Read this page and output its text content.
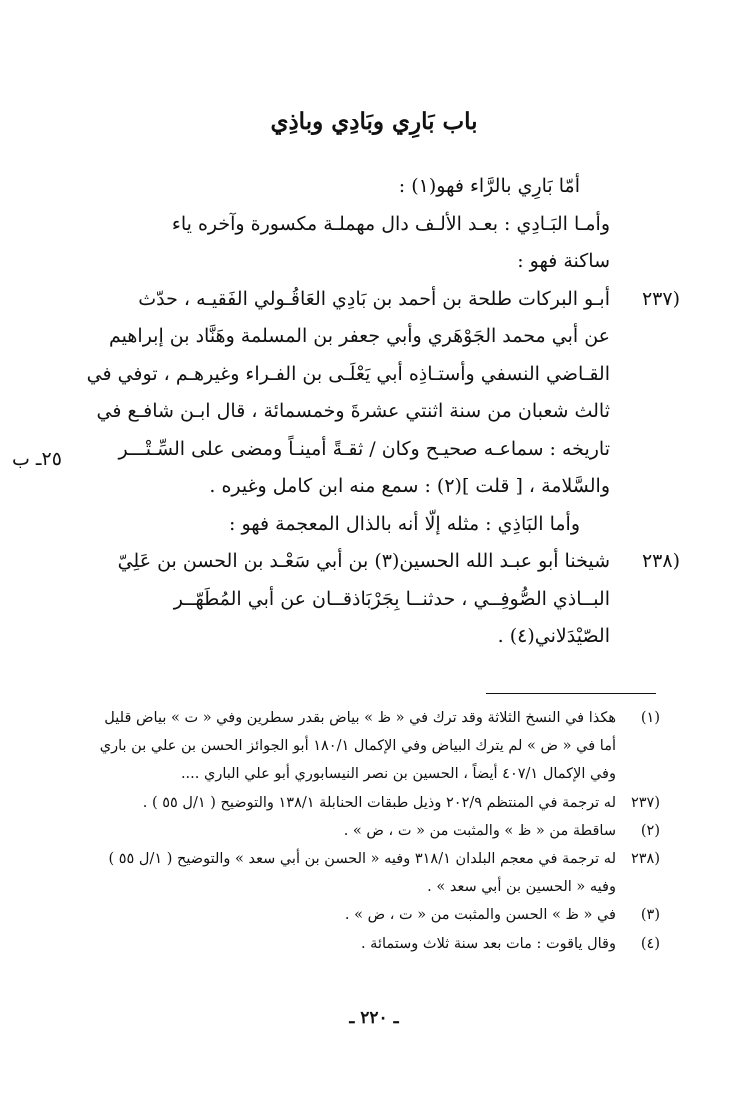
باب بَارِي وبَادِي وباذِي
أمّا بَارِي بالرَّاء فهو(١) :
وأمـا البَـادِي : بعـد الألـف دال مهملـة مكسورة وآخره ياء
ساكنة فهو :
(٢٣٧أبـو البركات طلحة بن أحمد بن بَادِي العَاقُـولي الفَقيـه ، حدّث
عن أبي محمد الجَوْهَري وأبي جعفر بن المسلمة وهَنَّاد بن إبراهيم
القـاضي النسفي وأستـاذِه أبي يَعْلَـى بن الفـراء وغيرهـم ، توفي في
ثالث شعبان من سنة اثنتي عشرةَ وخمسمائة ، قال ابـن شافـع في
تاريخه : سماعـه صحيـح وكان / ثقـةً أمينـاً ومضى على السِّـتْـــر
والسَّلامة ، [ قلت ](٢) : سمع منه ابن كامل وغيره .
وأما البَاذِي : مثله إلّا أنه بالذال المعجمة فهو :
(٢٣٨شيخنا أبو عبـد الله الحسين(٣) بن أبي سَعْـد بن الحسن بن عَلِيّ
البــاذي الصُّوفِــي ، حدثنــا بِجَرْبَاذقــان عن أبي المُطَهّــر
الصّيْدَلاني(٤) .
٢٥ـ ب
(١)هكذا في النسخ الثلاثة وقد ترك في « ظ » بياض بقدر سطرين وفي « ت » بياض قليل
أما في « ض » لم يترك البياض وفي الإكمال ١٨٠/١ أبو الجوائز الحسن بن علي بن باري
وفي الإكمال ٤٠٧/١ أيضاً ، الحسين بن نصر النيسابوري أبو علي الباري ....
(٢٣٧له ترجمة في المنتظم ٢٠٢/٩ وذيل طبقات الحنابلة ١٣٨/١ والتوضيح ( ١/ل ٥٥ ) .
(٢)ساقطة من « ظ » والمثبت من « ت ، ض » .
(٢٣٨له ترجمة في معجم البلدان ٣١٨/١ وفيه « الحسن بن أبي سعد » والتوضيح ( ١/ل ٥٥ )
وفيه « الحسين بن أبي سعد » .
(٣)في « ظ » الحسن والمثبت من « ت ، ض » .
(٤)وقال ياقوت : مات بعد سنة ثلاث وستمائة .
ـ ٢٢٠ ـ
